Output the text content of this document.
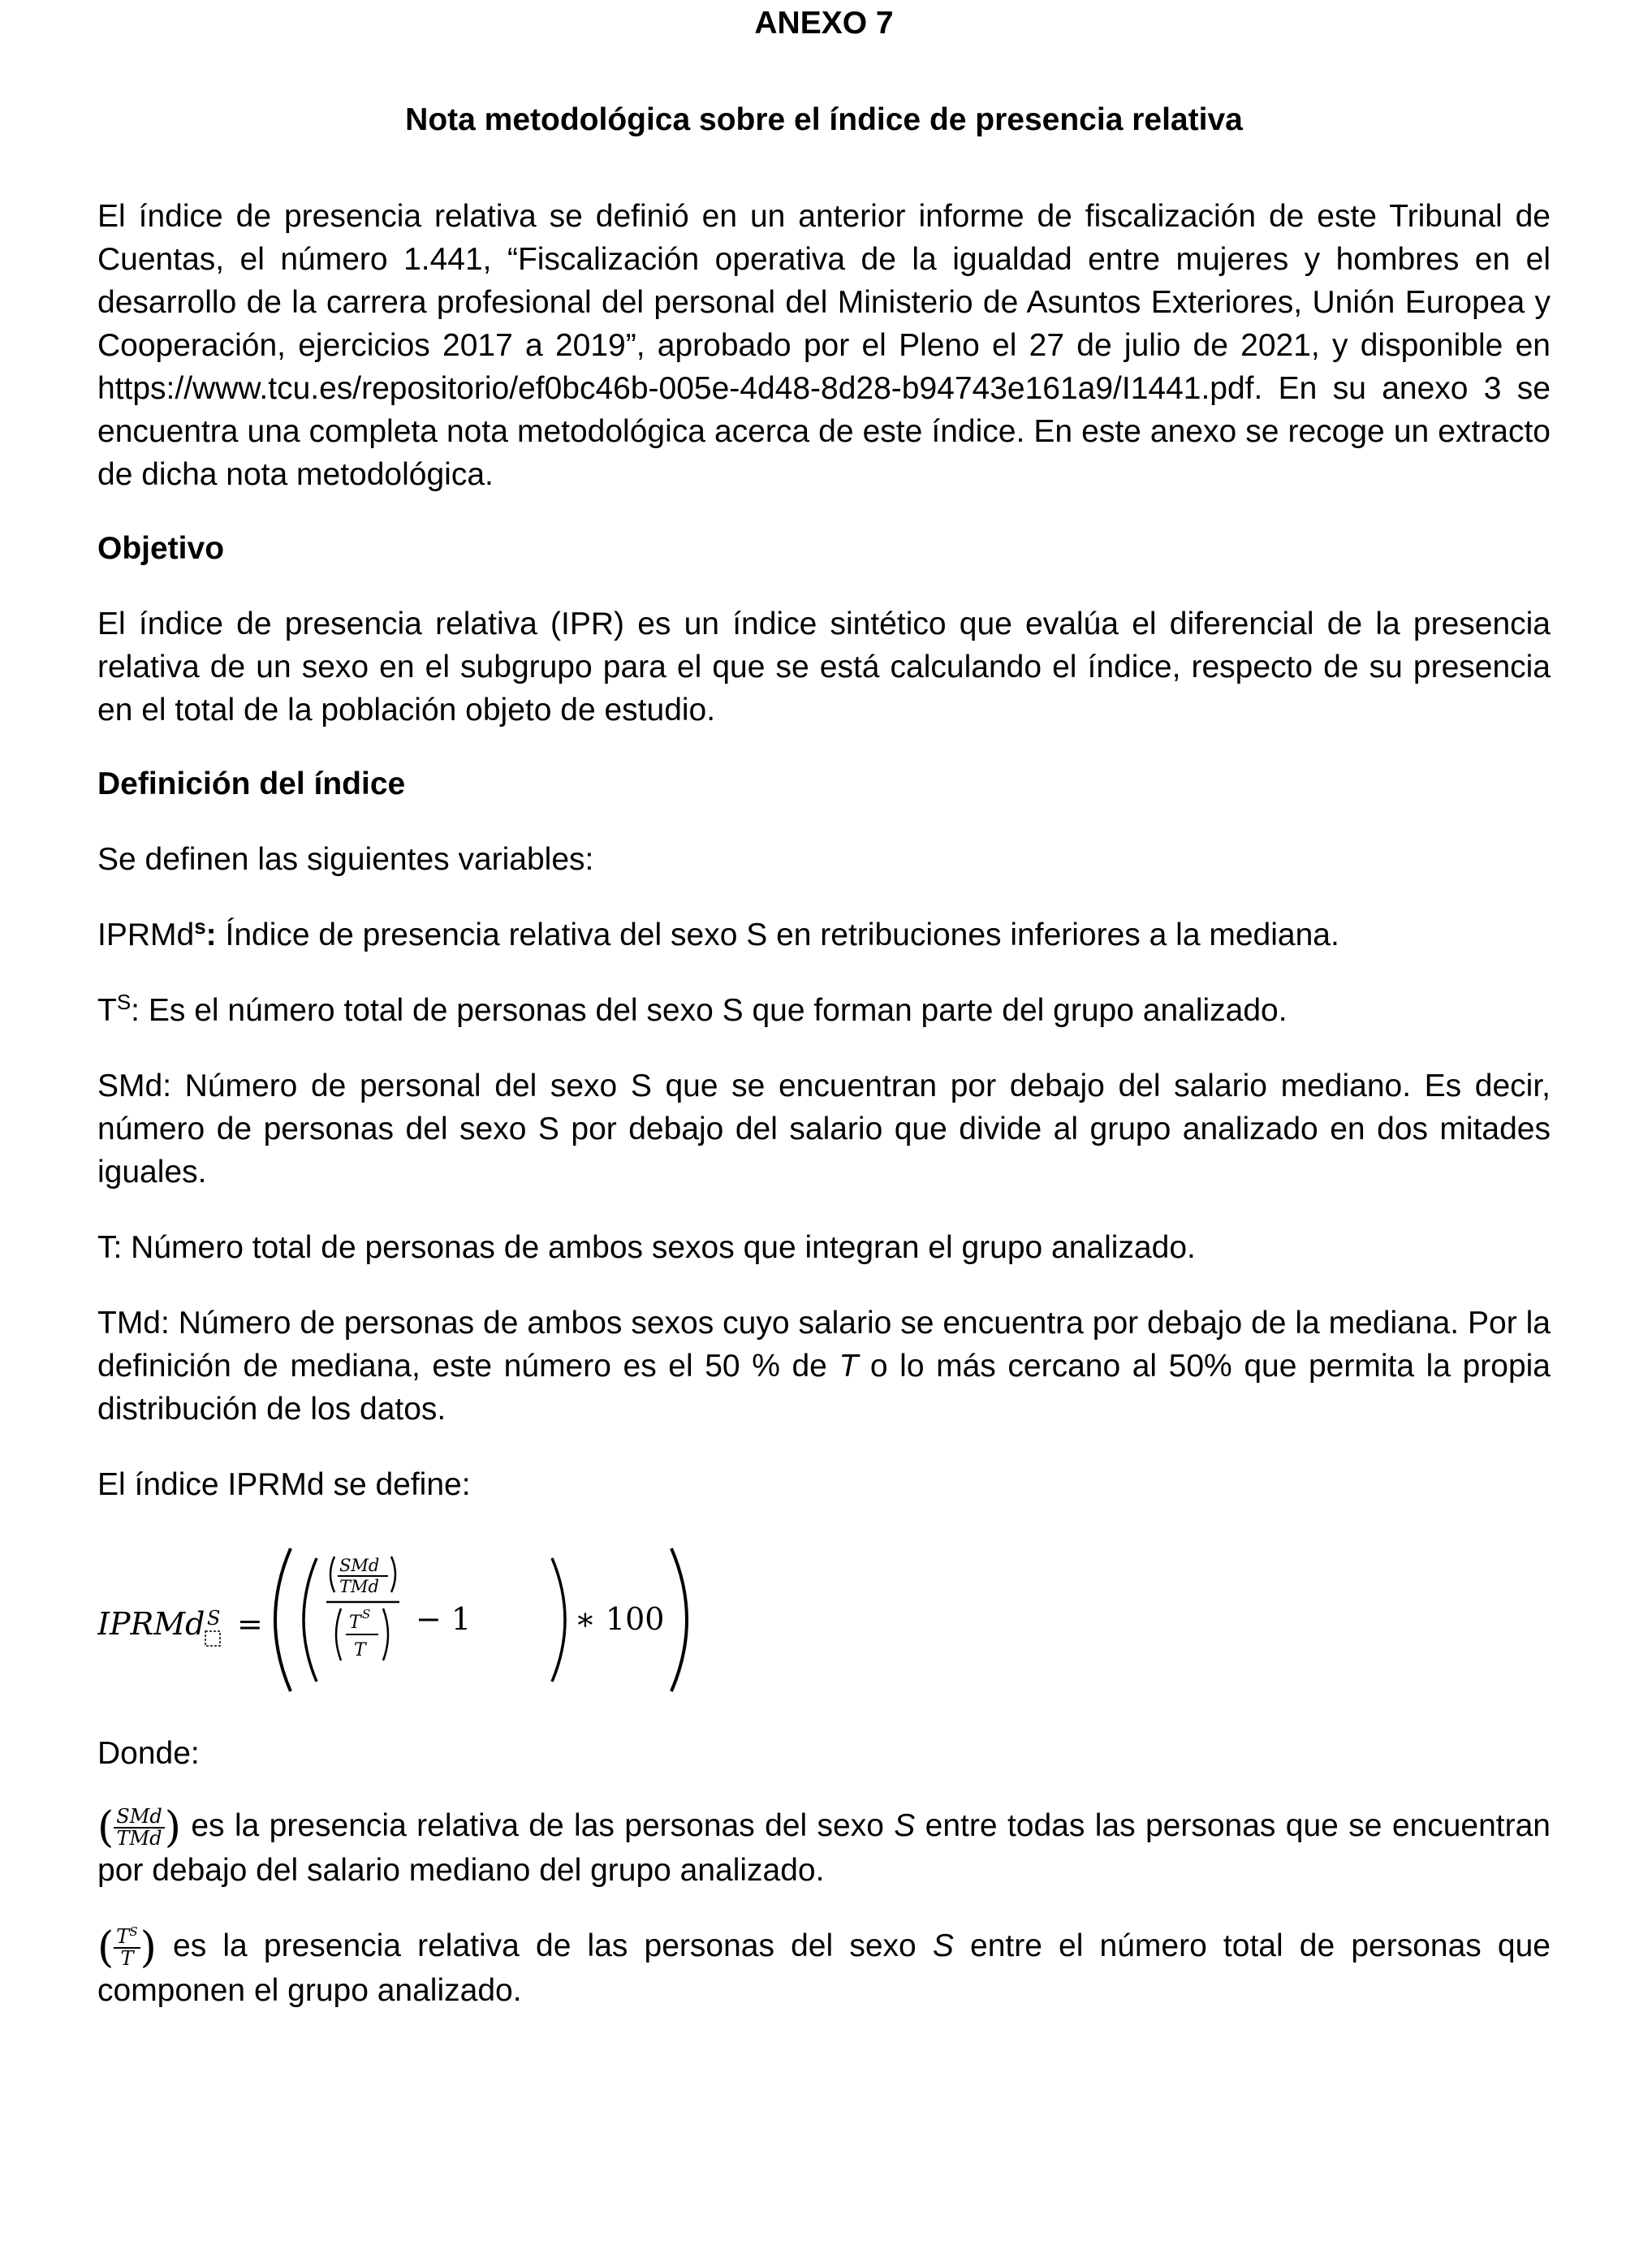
ANEXO 7

Nota metodológica sobre el índice de presencia relativa

El índice de presencia relativa se definió en un anterior informe de fiscalización de este Tribunal de Cuentas, el número 1.441, “Fiscalización operativa de la igualdad entre mujeres y hombres en el desarrollo de la carrera profesional del personal del Ministerio de Asuntos Exteriores, Unión Europea y Cooperación, ejercicios 2017 a 2019”, aprobado por el Pleno el 27 de julio de 2021, y disponible en https://www.tcu.es/repositorio/ef0bc46b-005e-4d48-8d28-b94743e161a9/I1441.pdf. En su anexo 3 se encuentra una completa nota metodológica acerca de este índice. En este anexo se recoge un extracto de dicha nota metodológica.

Objetivo

El índice de presencia relativa (IPR) es un índice sintético que evalúa el diferencial de la presencia relativa de un sexo en el subgrupo para el que se está calculando el índice, respecto de su presencia en el total de la población objeto de estudio.

Definición del índice

Se definen las siguientes variables:

IPRMd$^s$: Índice de presencia relativa del sexo S en retribuciones inferiores a la mediana.

$T^S$: Es el número total de personas del sexo S que forman parte del grupo analizado.

SMd: Número de personal del sexo S que se encuentran por debajo del salario mediano. Es decir, número de personas del sexo S por debajo del salario que divide al grupo analizado en dos mitades iguales.

T: Número total de personas de ambos sexos que integran el grupo analizado.

TMd: Número de personas de ambos sexos cuyo salario se encuentra por debajo de la mediana. Por la definición de mediana, este número es el 50 % de T o lo más cercano al 50% que permita la propia distribución de los datos.

El índice IPRMd se define:

IPRMd S =
SMd
TMd
T S
T
− 1	∗ 100

Donde:

( $\frac{\text{SMd}}{\text{TMd}}$ ) es la presencia relativa de las personas del sexo S entre todas las personas que se encuentran por debajo del salario mediano del grupo analizado.

( $\frac{T^S}{T}$ ) es la presencia relativa de las personas del sexo S entre el número total de personas que componen el grupo analizado.
